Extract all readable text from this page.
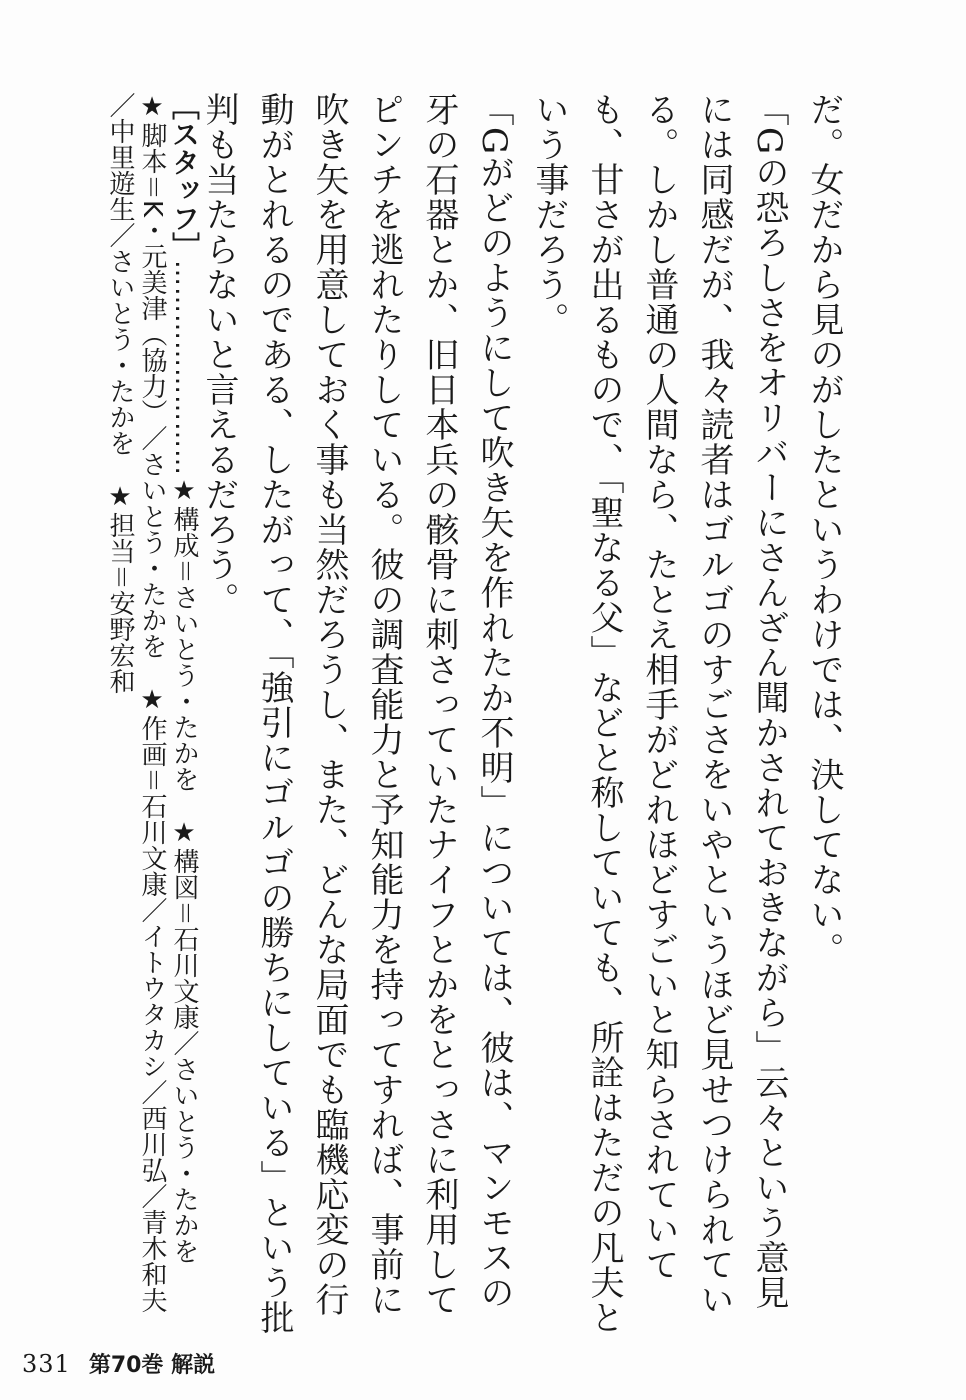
だ。女だから見のがしたというわけでは、決してない。

「Gの恐ろしさをオリバーにさんざん聞かされておきながら」云々という意見には同感だが、我々読者はゴルゴのすごさをいやというほど見せつけられている。しかし普通の人間なら、たとえ相手がどれほどすごいと知らされていても、甘さが出るもので、「聖なる父」などと称していても、所詮はただの凡夫という事だろう。

「Gがどのようにして吹き矢を作れたか不明」については、彼は、マンモスの牙の石器とか、旧日本兵の骸骨に刺さっていたナイフとかをとっさに利用してピンチを逃れたりしている。彼の調査能力と予知能力を持ってすれば、事前に吹き矢を用意しておく事も当然だろうし、また、どんな局面でも臨機応変の行動がとれるのである、したがって、「強引にゴルゴの勝ちにしている」という批判も当たらないと言えるだろう。

［スタッフ］……………………★構成＝さいとう・たかを　★構図＝石川文康／さいとう・たかを　★脚本＝K・元美津（協力）／さいとう・たかを　★作画＝石川文康／イトウタカシ／西川弘／青木和夫／中里遊生／さいとう・たかを　★担当＝安野宏和
331 第70巻 解説
